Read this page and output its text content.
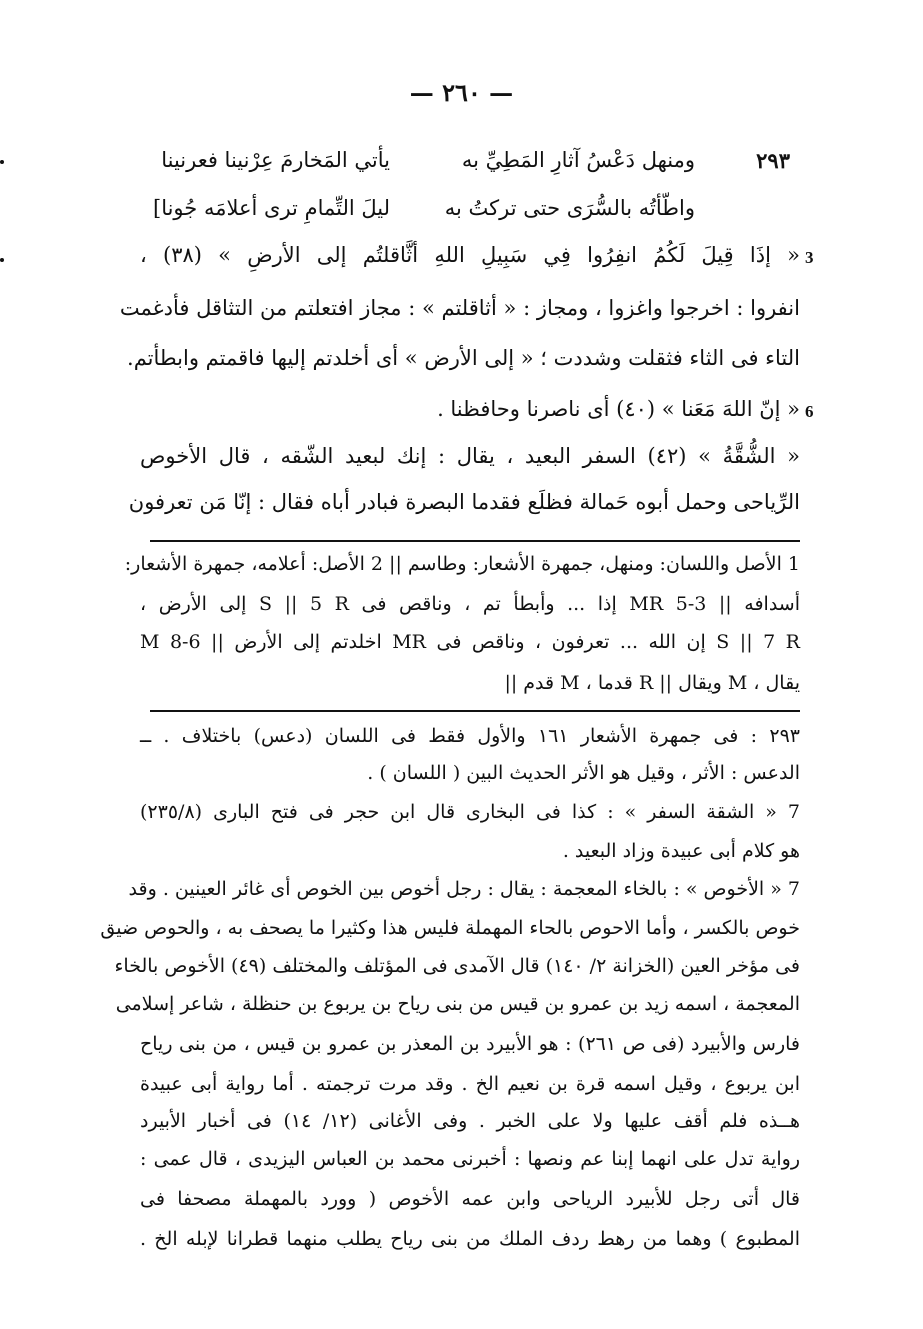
— ٢٦٠ —
٢٩٣
ومنهل دَعْسُ آثارِ المَطِيِّ به
يأتي المَخارمَ عِرْنينا فعرنينا
واطّأتُه بالسُّرَى حتى تركتُ به
ليلَ التِّمامِ ترى أعلامَه جُونا]
3
« إذَا قِيلَ لَكُمُ انفِرُوا فِي سَبِيلِ اللهِ أثَّاقلتُم إلى الأرضِ » (٣٨) ،
انفروا : اخرجوا واغزوا ، ومجاز : « أثاقلتم » : مجاز افتعلتم من التثاقل فأدغمت
التاء فى الثاء فثقلت وشددت ؛ « إلى الأرض » أى أخلدتم إليها فاقمتم وابطأتم.
6
« إنّ اللهَ مَعَنا » (٤٠) أى ناصرنا وحافظنا .
« الشُّقَّةُ » (٤٢) السفر البعيد ، يقال : إنك لبعيد الشّقه ، قال الأخوص
الرِّياحى وحمل أبوه حَمالة فظلَع فقدما البصرة فبادر أباه فقال : إنّا مَن تعرفون
1 الأصل واللسان: ومنهل، جمهرة الأشعار: وطاسم || 2 الأصل: أعلامه، جمهرة الأشعار:
أسدافه || 3-5 MR إذا ... وأبطأ تم ، وناقص فى S || 5 R إلى الأرض ،
M اخلدتم إلى الأرض || 6-8 MR إن الله ... تعرفون ، وناقص فى S || 7 R
يقال ، M ويقال || R قدما ، M قدم ||
٢٩٣ : فى جمهرة الأشعار ١٦١ والأول فقط فى اللسان (دعس) باختلاف . ــ
الدعس : الأثر ، وقيل هو الأثر الحديث البين ( اللسان ) .
7 « الشقة السفر » : كذا فى البخارى قال ابن حجر فى فتح البارى (٢٣٥/٨)
هو كلام أبى عبيدة وزاد البعيد .
7 « الأخوص » : بالخاء المعجمة : يقال : رجل أخوص بين الخوص أى غائر العينين . وقد
خوص بالكسر ، وأما الاحوص بالحاء المهملة فليس هذا وكثيرا ما يصحف به ، والحوص ضيق
فى مؤخر العين (الخزانة ٢/ ١٤٠) قال الآمدى فى المؤتلف والمختلف (٤٩) الأخوص بالخاء
المعجمة ، اسمه زيد بن عمرو بن قيس من بنى رياح بن يربوع بن حنظلة ، شاعر إسلامى
فارس والأبيرد (فى ص ٢٦١) : هو الأبيرد بن المعذر بن عمرو بن قيس ، من بنى رياح
ابن يربوع ، وقيل اسمه قرة بن نعيم الخ . وقد مرت ترجمته . أما رواية أبى عبيدة
هــذه فلم أقف عليها ولا على الخبر . وفى الأغانى (١٢/ ١٤) فى أخبار الأبيرد
رواية تدل على انهما إبنا عم ونصها : أخبرنى محمد بن العباس اليزيدى ، قال عمى :
قال أتى رجل للأبيرد الرياحى وابن عمه الأخوص ( وورد بالمهملة مصحفا فى
المطبوع ) وهما من رهط ردف الملك من بنى رياح يطلب منهما قطرانا لإبله الخ .
